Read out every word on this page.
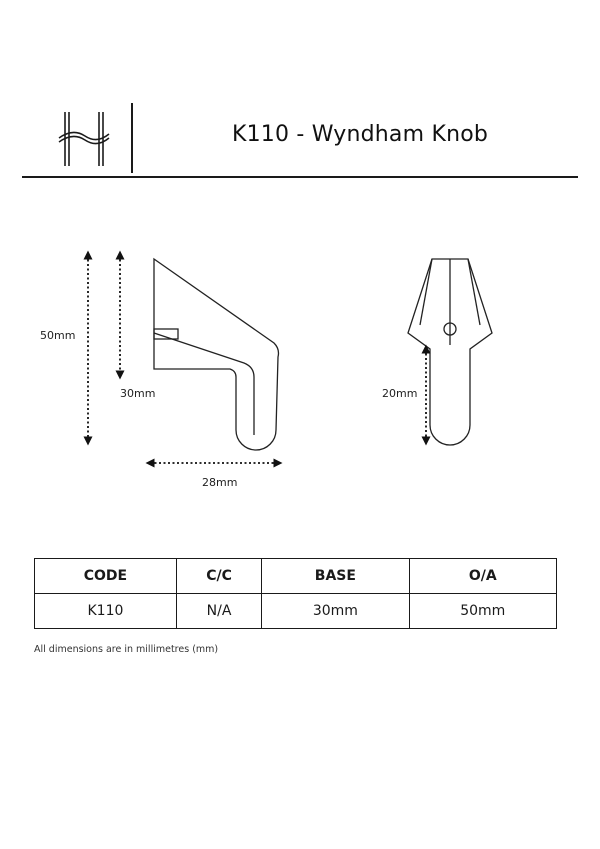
K110 - Wyndham Knob
50mm
30mm
28mm
20mm
CODE	C/C	BASE	O/A
K110	N/A	30mm	50mm
All dimensions are in millimetres (mm)
